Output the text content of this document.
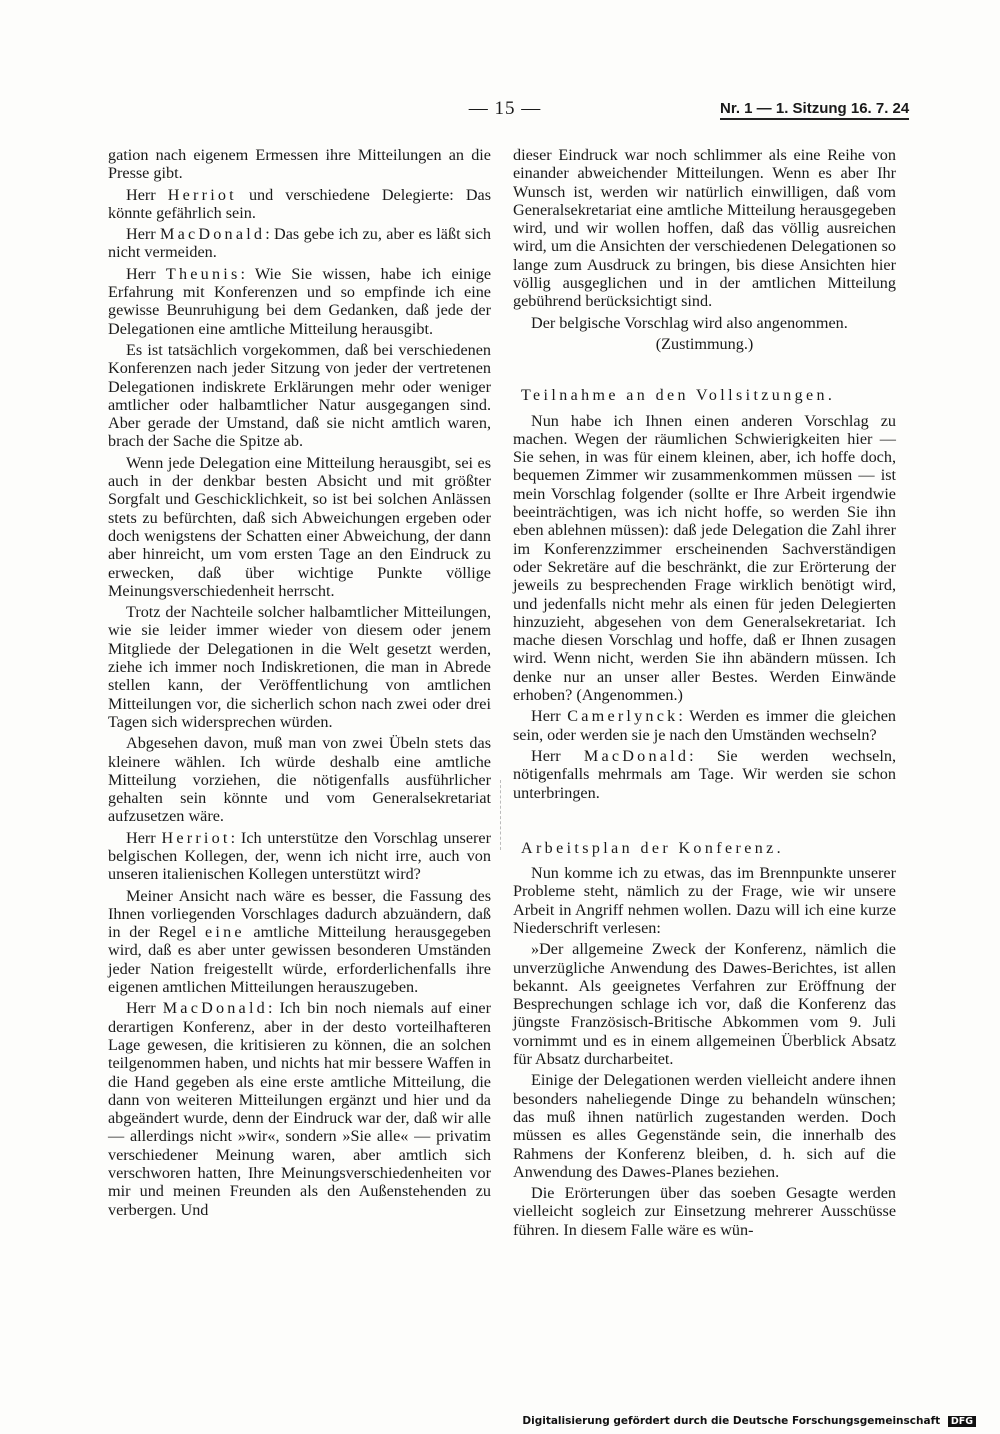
— 15 —	Nr. 1 — 1. Sitzung 16. 7. 24

gation nach eigenem Ermessen ihre Mitteilungen an die Presse gibt.

Herr Herriot und verschiedene Delegierte: Das könnte gefährlich sein.

Herr MacDonald: Das gebe ich zu, aber es läßt sich nicht vermeiden.

Herr Theunis: Wie Sie wissen, habe ich einige Erfahrung mit Konferenzen und so empfinde ich eine gewisse Beunruhigung bei dem Gedanken, daß jede der Delegationen eine amtliche Mitteilung herausgibt.

Es ist tatsächlich vorgekommen, daß bei verschiedenen Konferenzen nach jeder Sitzung von jeder der vertretenen Delegationen indiskrete Erklärungen mehr oder weniger amtlicher oder halbamtlicher Natur ausgegangen sind. Aber gerade der Umstand, daß sie nicht amtlich waren, brach der Sache die Spitze ab.

Wenn jede Delegation eine Mitteilung herausgibt, sei es auch in der denkbar besten Absicht und mit größter Sorgfalt und Geschicklichkeit, so ist bei solchen Anlässen stets zu befürchten, daß sich Abweichungen ergeben oder doch wenigstens der Schatten einer Abweichung, der dann aber hinreicht, um vom ersten Tage an den Eindruck zu erwecken, daß über wichtige Punkte völlige Meinungsverschiedenheit herrscht.

Trotz der Nachteile solcher halbamtlicher Mitteilungen, wie sie leider immer wieder von diesem oder jenem Mitgliede der Delegationen in die Welt gesetzt werden, ziehe ich immer noch Indiskretionen, die man in Abrede stellen kann, der Veröffentlichung von amtlichen Mitteilungen vor, die sicherlich schon nach zwei oder drei Tagen sich widersprechen würden.

Abgesehen davon, muß man von zwei Übeln stets das kleinere wählen. Ich würde deshalb eine amtliche Mitteilung vorziehen, die nötigenfalls ausführlicher gehalten sein könnte und vom Generalsekretariat aufzusetzen wäre.

Herr Herriot: Ich unterstütze den Vorschlag unserer belgischen Kollegen, der, wenn ich nicht irre, auch von unseren italienischen Kollegen unterstützt wird?

Meiner Ansicht nach wäre es besser, die Fassung des Ihnen vorliegenden Vorschlages dadurch abzuändern, daß in der Regel eine amtliche Mitteilung herausgegeben wird, daß es aber unter gewissen besonderen Umständen jeder Nation freigestellt würde, erforderlichenfalls ihre eigenen amtlichen Mitteilungen herauszugeben.

Herr MacDonald: Ich bin noch niemals auf einer derartigen Konferenz, aber in der desto vorteilhafteren Lage gewesen, die kritisieren zu können, die an solchen teilgenommen haben, und nichts hat mir bessere Waffen in die Hand gegeben als eine erste amtliche Mitteilung, die dann von weiteren Mitteilungen ergänzt und hier und da abgeändert wurde, denn der Eindruck war der, daß wir alle — allerdings nicht »wir«, sondern »Sie alle« — privatim verschiedener Meinung waren, aber amtlich sich verschworen hatten, Ihre Meinungsverschiedenheiten vor mir und meinen Freunden als den Außenstehenden zu verbergen. Und

dieser Eindruck war noch schlimmer als eine Reihe von einander abweichender Mitteilungen. Wenn es aber Ihr Wunsch ist, werden wir natürlich einwilligen, daß vom Generalsekretariat eine amtliche Mitteilung herausgegeben wird, und wir wollen hoffen, daß das völlig ausreichen wird, um die Ansichten der verschiedenen Delegationen so lange zum Ausdruck zu bringen, bis diese Ansichten hier völlig ausgeglichen und in der amtlichen Mitteilung gebührend berücksichtigt sind.

Der belgische Vorschlag wird also angenommen.

(Zustimmung.)

Teilnahme an den Vollsitzungen.

Nun habe ich Ihnen einen anderen Vorschlag zu machen. Wegen der räumlichen Schwierigkeiten hier — Sie sehen, in was für einem kleinen, aber, ich hoffe doch, bequemen Zimmer wir zusammenkommen müssen — ist mein Vorschlag folgender (sollte er Ihre Arbeit irgendwie beeinträchtigen, was ich nicht hoffe, so werden Sie ihn eben ablehnen müssen): daß jede Delegation die Zahl ihrer im Konferenzzimmer erscheinenden Sachverständigen oder Sekretäre auf die beschränkt, die zur Erörterung der jeweils zu besprechenden Frage wirklich benötigt wird, und jedenfalls nicht mehr als einen für jeden Delegierten hinzuzieht, abgesehen von dem Generalsekretariat. Ich mache diesen Vorschlag und hoffe, daß er Ihnen zusagen wird. Wenn nicht, werden Sie ihn abändern müssen. Ich denke nur an unser aller Bestes. Werden Einwände erhoben? (Angenommen.)

Herr Camerlynck: Werden es immer die gleichen sein, oder werden sie je nach den Umständen wechseln?

Herr MacDonald: Sie werden wechseln, nötigenfalls mehrmals am Tage. Wir werden sie schon unterbringen.

Arbeitsplan der Konferenz.

Nun komme ich zu etwas, das im Brennpunkte unserer Probleme steht, nämlich zu der Frage, wie wir unsere Arbeit in Angriff nehmen wollen. Dazu will ich eine kurze Niederschrift verlesen:

»Der allgemeine Zweck der Konferenz, nämlich die unverzügliche Anwendung des Dawes-Berichtes, ist allen bekannt. Als geeignetes Verfahren zur Eröffnung der Besprechungen schlage ich vor, daß die Konferenz das jüngste Französisch-Britische Abkommen vom 9. Juli vornimmt und es in einem allgemeinen Überblick Absatz für Absatz durcharbeitet.

Einige der Delegationen werden vielleicht andere ihnen besonders naheliegende Dinge zu behandeln wünschen; das muß ihnen natürlich zugestanden werden. Doch müssen es alles Gegenstände sein, die innerhalb des Rahmens der Konferenz bleiben, d. h. sich auf die Anwendung des Dawes-Planes beziehen.

Die Erörterungen über das soeben Gesagte werden vielleicht sogleich zur Einsetzung mehrerer Ausschüsse führen. In diesem Falle wäre es wün-

Digitalisierung gefördert durch die Deutsche Forschungsgemeinschaft DFG
